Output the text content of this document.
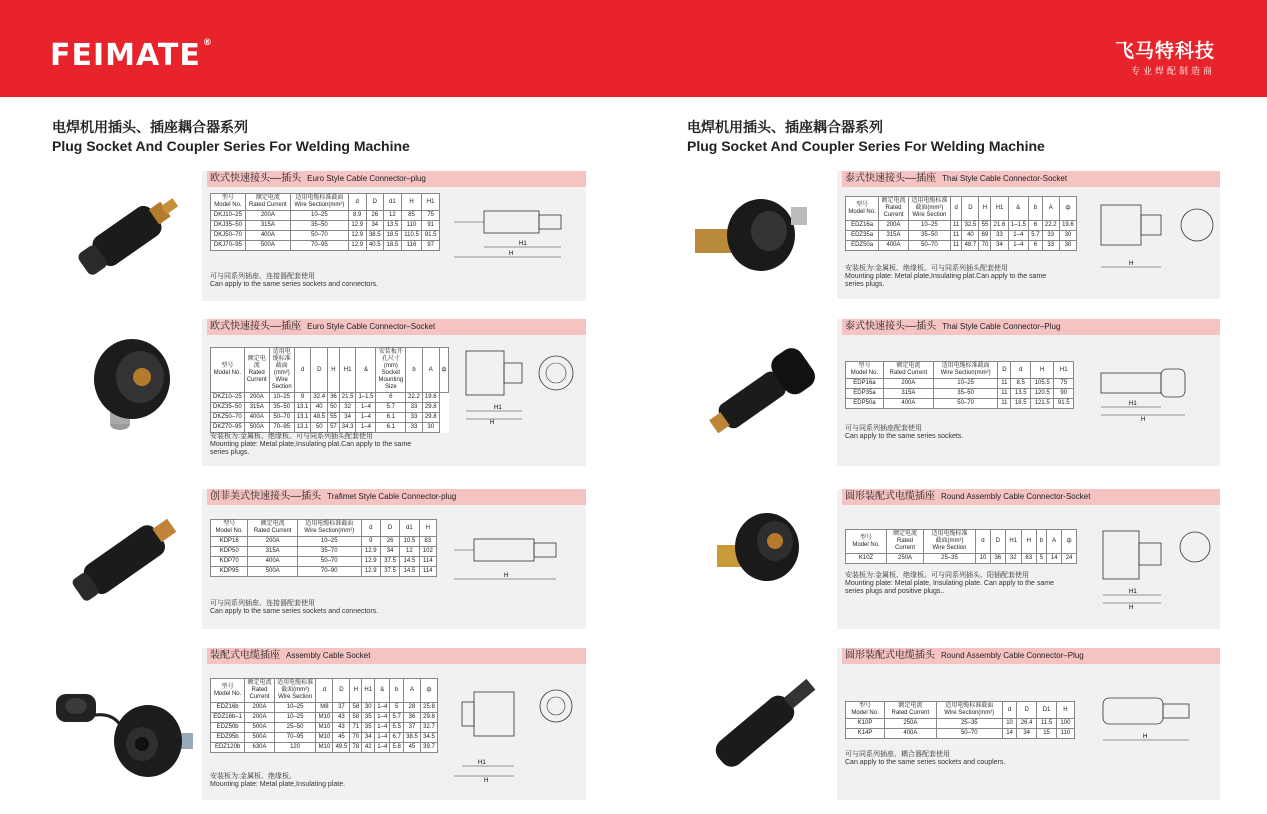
FEIMATE ®	飞马特科技
专业焊配制造商
电焊机用插头、插座耦合器系列
Plug Socket And Coupler Series For Welding Machine
电焊机用插头、插座耦合器系列
Plug Socket And Coupler Series For Welding Machine
欧式快速接头––插头 Euro Style Cable Connector–plug
型号
Model No.	额定电流
Rated Current	适用电缆标准截面
Wire Section(mm²)	d	D	d1	H	H1
DKJ10–25	200A	10–25	8.9	26	12	85	75
DKJ35–50	315A	35–50	12.9	34	13.5	110	91
DKJ50–70	400A	50–70	12.9	38.5	18.5	110.5	91.5
DKJ70–95	500A	70–95	12.9	40.5	18.5	116	97
可与同系列插座、连接器配套使用
Can apply to the same series sockets and connectors.
H1
H
欧式快速接头––插座 Euro Style Cable Connector–Socket
型号
Model No.	额定电流
Rated
Current	适用电缆标准
截面(mm²)
Wire Section	d	D	H	H1	&	安装板开孔尺寸(mm)
Socket Mounting Size	b	A	ф
DKZ10–25	200A	10–25	9	32.4	36	21.5	1–1.5	6	22.2	19.6	
DKZ35–50	315A	35–50	13.1	40	50	32	1–4	5.7	33	29.8	
DKZ50–70	400A	50–70	13.1	48.5	55	34	1–4	6.1	33	29.8	
DKZ70–95	500A	70–95	13.1	50	57	34.3	1–4	6.1	33	30	
安装板为:金属板、绝缘板。可与同系列插头配套使用
Mounting plate: Metal plate,Insulating plat.Can apply to the same
series plugs.
H1
H
创菲美式快速接头––插头 Trafimet Style Cable Connector-plug
型号
Model No.	额定电流
Rated Current	适用电缆标准截面
Wire Section(mm²)	d	D	d1	H
KDP16	200A	10–25	9	26	10.5	83
KDP50	315A	35–70	12.9	34	12	102
KDP70	400A	50–70	12.9	37.5	14.5	114
KDP95	500A	70–90	12.9	37.5	14.5	114
可与同系列插座、连接器配套使用
Can apply to the same series sockets and connectors.
H
装配式电缆插座 Assembly Cable Socket
型号
Model No.	额定电流
Rated
Current	适用电缆标准
截面(mm²)
Wire Section	d	D	H	H1	&	b	A	ф
EDZ16b	200A	10–25	M8	37	58	30	1–4	5	28	25.8
EDZ16b–1	200A	10–25	M10	43	58	35	1–4	5.7	36	29.8
EDZ50b	500A	25–50	M10	43	71	35	1–4	5.5	37	32.7
EDZ95b	500A	70–95	M10	45	70	34	1–4	6.7	38.5	34.5
EDZ120b	630A	120	M10	49.5	78	42	1–4	5.8	45	39.7
安装板为:金属板、绝缘板。
Mounting plate: Metal plate,Insulating plate.
H1
H
泰式快速接头––插座 Thai Style Cable Connector-Socket
型号
Model No.	额定电流
Rated
Current	适用电缆标准
截面(mm²)
Wire Section	d	D	H	H1	&	b	A	ф
EDZ16a	200A	10–25	11	32.5	55	21.6	1–1.5	6	22.2	19.6
EDZ35a	315A	35–50	11	40	69	33	1–4	5.7	33	30
EDZ50a	400A	50–70	11	48.7	70	34	1–4	6	33	30
安装板为:金属板、绝缘板。可与同系列插头配套使用
Mounting plate: Metal plate,Insulating plat.Can apply to the same
series plugs.
H
泰式快速接头––插头 Thai Style Cable Connector–Plug
型号
Model No.	额定电流
Rated Current	适用电缆标准截面
Wire Section(mm²)	D	d	H	H1
EDP16a	200A	10–25	11	8.5	105.5	75
EDP35a	315A	35–50	11	13.5	120.5	90
EDP50a	400A	50–70	11	18.5	121.5	91.5
可与同系列插座配套使用
Can apply to the same series sockets.
H1
H
圆形装配式电缆插座 Round Assembly Cable Connector-Socket
型号
Model No.	额定电流
Rated
Current	适用电缆标准
截面(mm²)
Wire Section	d	D	H1	H	b	A	ф
K10Z	250A	25–35	10	36	32	63	5	14	24
安装板为:金属板、绝缘板。可与同系列插头、阳插配套使用
Mounting plate: Metal plate, Insulating plate. Can apply to the same
series plugs and positive plugs..	H1
H
圆形装配式电缆插头 Round Assembly Cable Connector–Plug
型号
Model No.	额定电流
Rated Current	适用电缆标准截面
Wire Section(mm²)	d	D	D1	H
K10P	250A	25–35	10	26.4	11.5	100
K14P	400A	50–70	14	34	15	110
可与同系列插座、耦合器配套使用
Can apply to the same series sockets and couplers.
H
